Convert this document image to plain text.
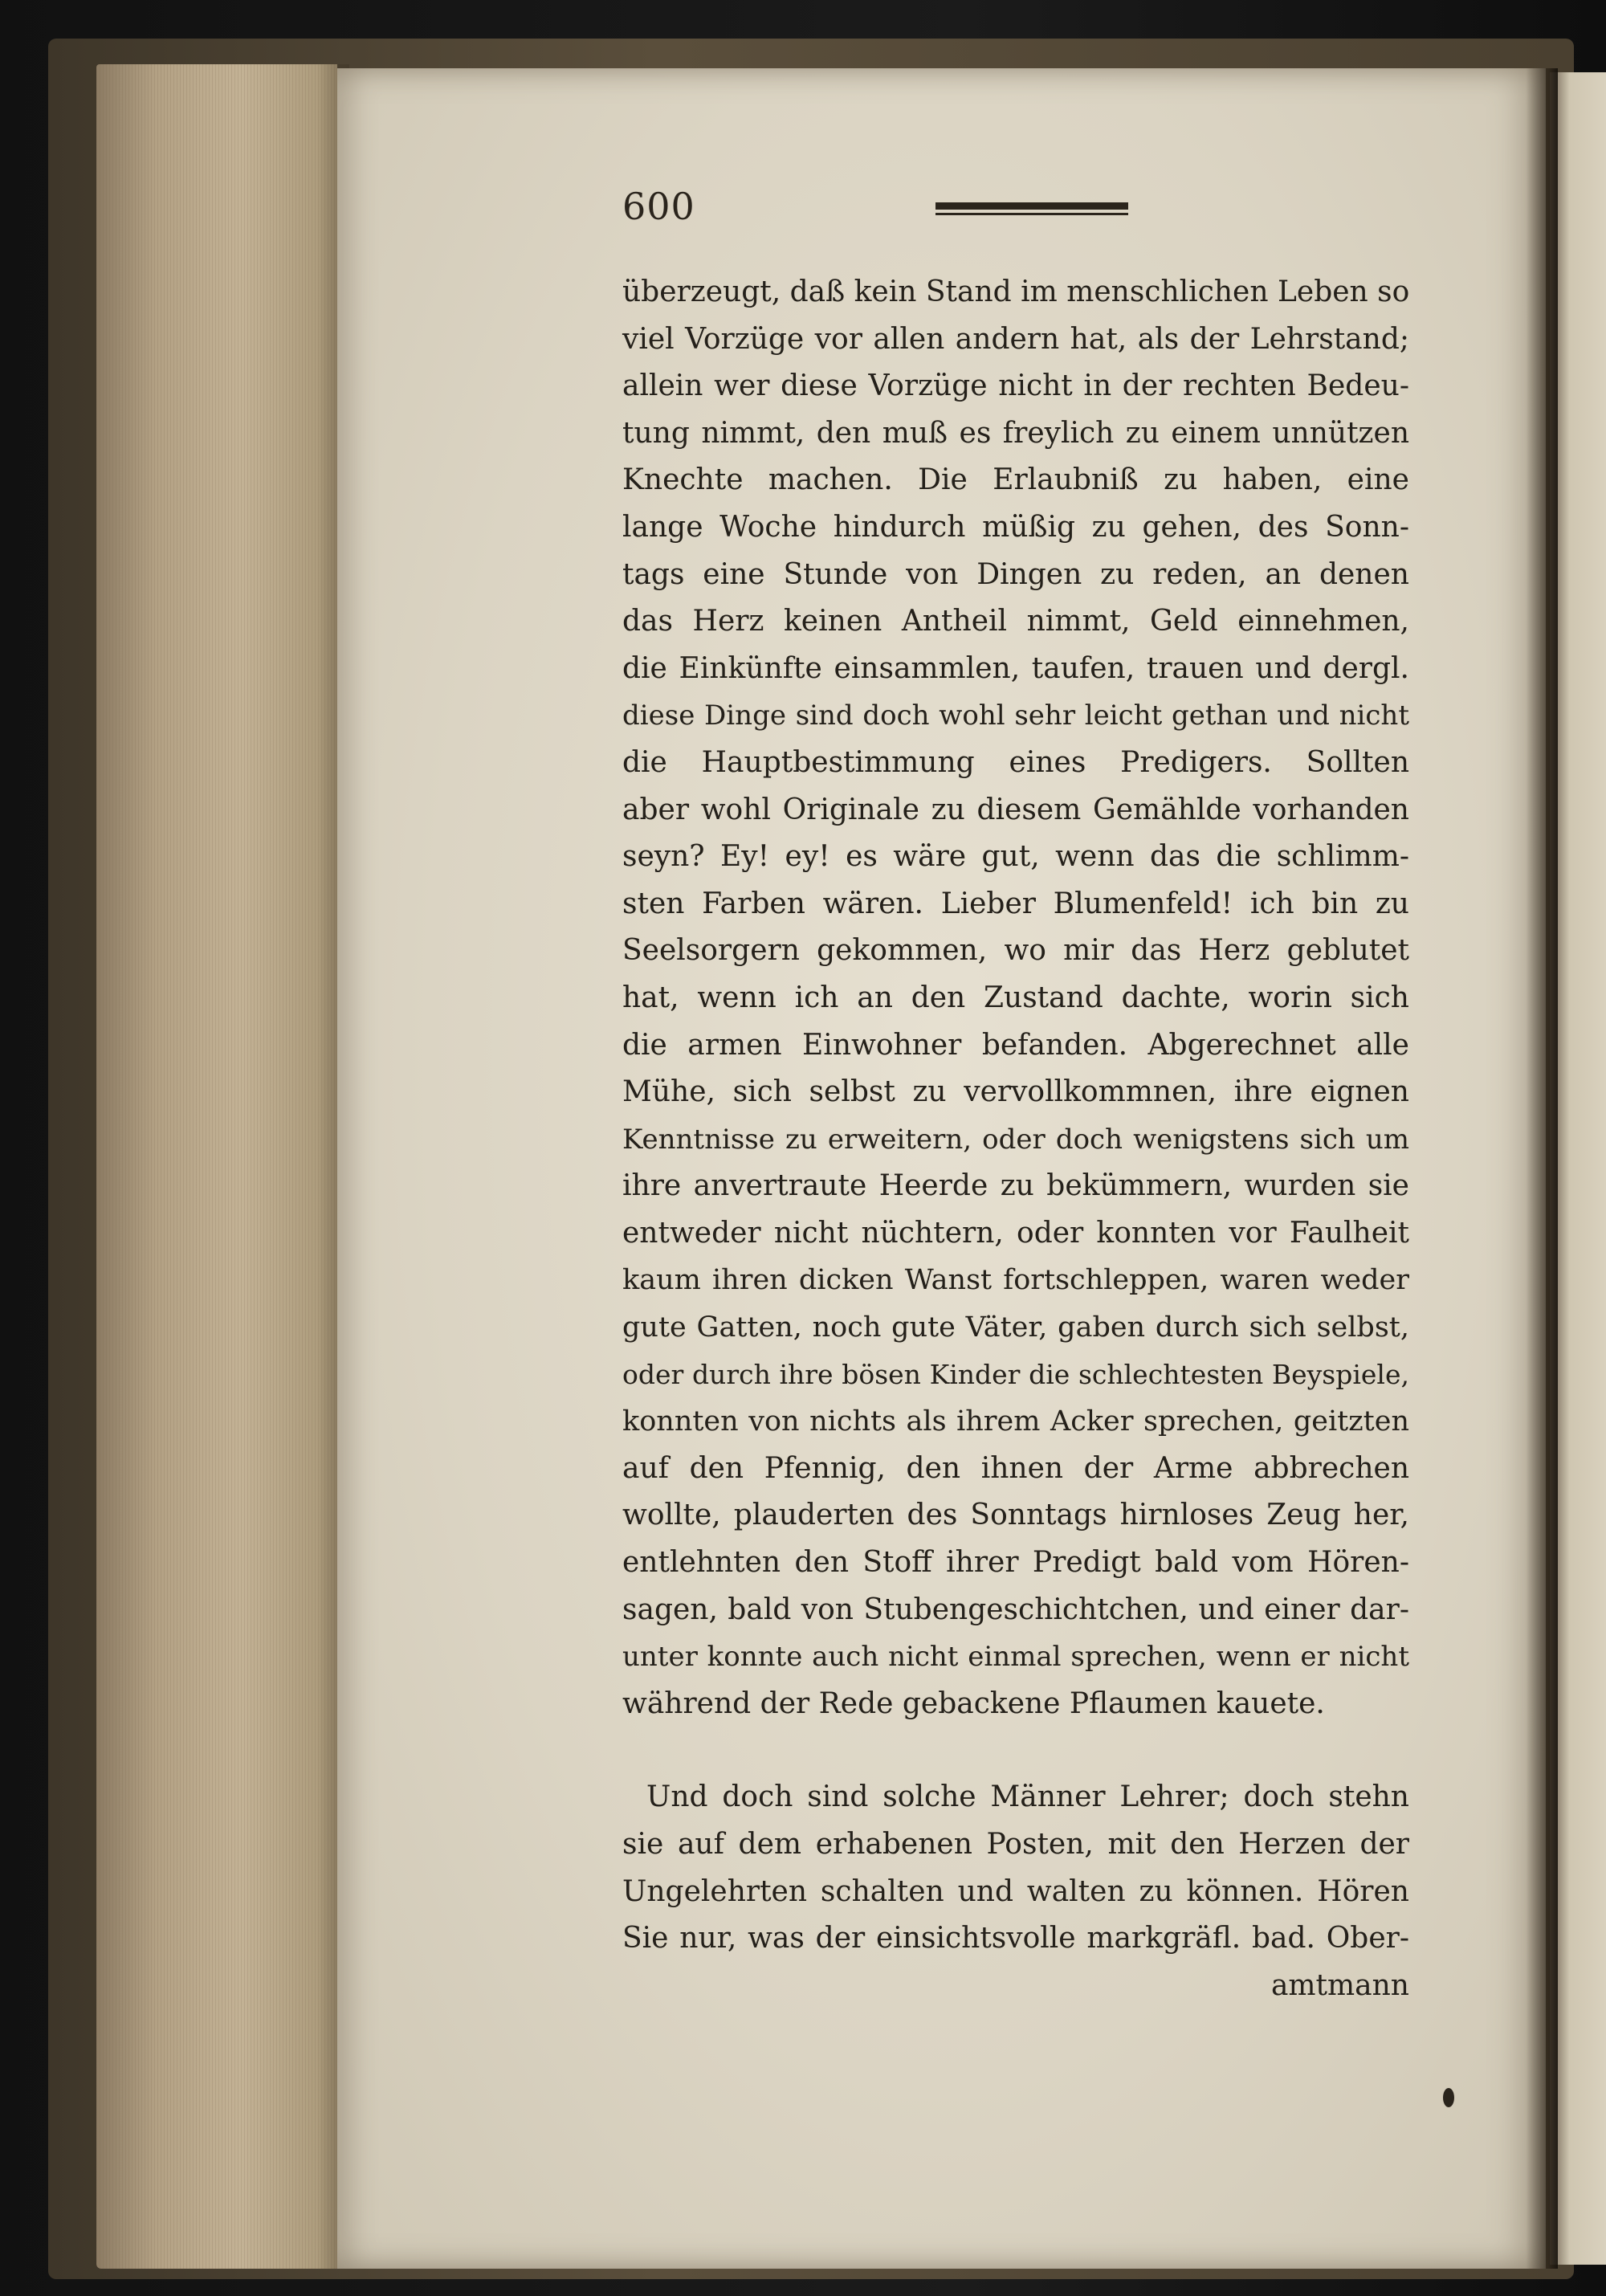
600
überzeugt, daß kein Stand im menschlichen Leben so
viel Vorzüge vor allen andern hat, als der Lehrstand;
allein wer diese Vorzüge nicht in der rechten Bedeu-
tung nimmt, den muß es freylich zu einem unnützen
Knechte machen. Die Erlaubniß zu haben, eine
lange Woche hindurch müßig zu gehen, des Sonn-
tags eine Stunde von Dingen zu reden, an denen
das Herz keinen Antheil nimmt, Geld einnehmen,
die Einkünfte einsammlen, taufen, trauen und dergl.
diese Dinge sind doch wohl sehr leicht gethan und nicht
die Hauptbestimmung eines Predigers. Sollten
aber wohl Originale zu diesem Gemählde vorhanden
seyn? Ey! ey! es wäre gut, wenn das die schlimm-
sten Farben wären. Lieber Blumenfeld! ich bin zu
Seelsorgern gekommen, wo mir das Herz geblutet
hat, wenn ich an den Zustand dachte, worin sich
die armen Einwohner befanden. Abgerechnet alle
Mühe, sich selbst zu vervollkommnen, ihre eignen
Kenntnisse zu erweitern, oder doch wenigstens sich um
ihre anvertraute Heerde zu bekümmern, wurden sie
entweder nicht nüchtern, oder konnten vor Faulheit
kaum ihren dicken Wanst fortschleppen, waren weder
gute Gatten, noch gute Väter, gaben durch sich selbst,
oder durch ihre bösen Kinder die schlechtesten Beyspiele,
konnten von nichts als ihrem Acker sprechen, geitzten
auf den Pfennig, den ihnen der Arme abbrechen
wollte, plauderten des Sonntags hirnloses Zeug her,
entlehnten den Stoff ihrer Predigt bald vom Hören-
sagen, bald von Stubengeschichtchen, und einer dar-
unter konnte auch nicht einmal sprechen, wenn er nicht
während der Rede gebackene Pflaumen kauete.
Und doch sind solche Männer Lehrer; doch stehn
sie auf dem erhabenen Posten, mit den Herzen der
Ungelehrten schalten und walten zu können. Hören
Sie nur, was der einsichtsvolle markgräfl. bad. Ober-
amtmann
